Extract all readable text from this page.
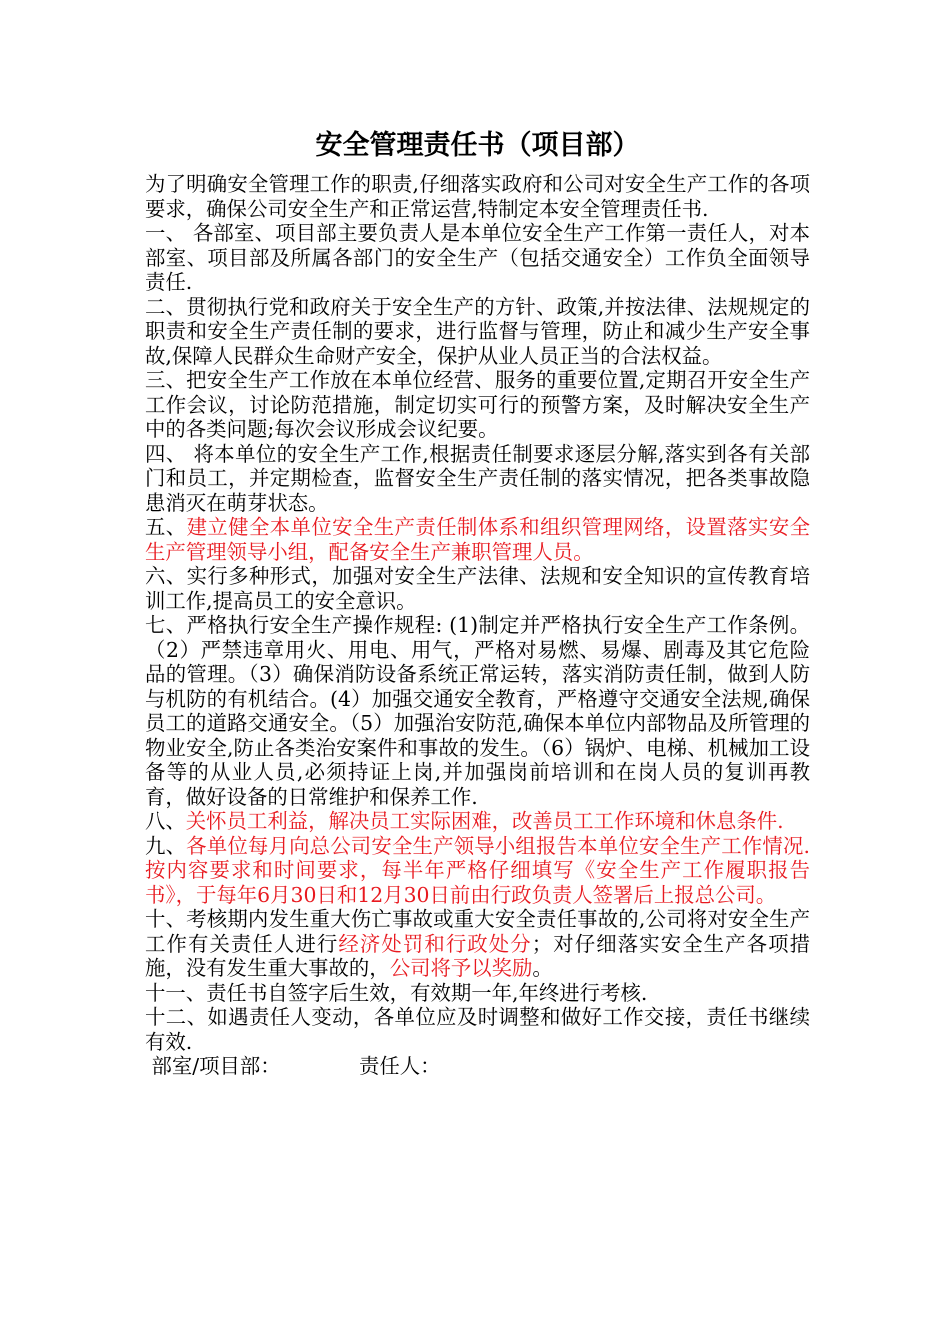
安全管理责任书（项目部）

为了明确安全管理工作的职责,仔细落实政府和公司对安全生产工作的各项要求，确保公司安全生产和正常运营,特制定本安全管理责任书.

一、 各部室、项目部主要负责人是本单位安全生产工作第一责任人，对本部室、项目部及所属各部门的安全生产（包括交通安全）工作负全面领导责任.

二、贯彻执行党和政府关于安全生产的方针、政策,并按法律、法规规定的职责和安全生产责任制的要求，进行监督与管理，防止和减少生产安全事故,保障人民群众生命财产安全，保护从业人员正当的合法权益。

三、把安全生产工作放在本单位经营、服务的重要位置,定期召开安全生产工作会议，讨论防范措施，制定切实可行的预警方案，及时解决安全生产中的各类问题;每次会议形成会议纪要。

四、 将本单位的安全生产工作,根据责任制要求逐层分解,落实到各有关部门和员工，并定期检查，监督安全生产责任制的落实情况，把各类事故隐患消灭在萌芽状态。

五、建立健全本单位安全生产责任制体系和组织管理网络，设置落实安全生产管理领导小组，配备安全生产兼职管理人员。

六、实行多种形式，加强对安全生产法律、法规和安全知识的宣传教育培训工作,提高员工的安全意识。

七、严格执行安全生产操作规程: (1)制定并严格执行安全生产工作条例。 （2）严禁违章用火、用电、用气，严格对易燃、易爆、剧毒及其它危险品的管理。（3）确保消防设备系统正常运转，落实消防责任制，做到人防与机防的有机结合。(4）加强交通安全教育，严格遵守交通安全法规,确保员工的道路交通安全。（5）加强治安防范,确保本单位内部物品及所管理的物业安全,防止各类治安案件和事故的发生。（6）锅炉、电梯、机械加工设备等的从业人员,必须持证上岗,并加强岗前培训和在岗人员的复训再教育，做好设备的日常维护和保养工作.

八、关怀员工利益，解决员工实际困难，改善员工工作环境和休息条件.

九、各单位每月向总公司安全生产领导小组报告本单位安全生产工作情况.按内容要求和时间要求，每半年严格仔细填写《安全生产工作履职报告书》，于每年6月30日和12月30日前由行政负责人签署后上报总公司。

十、考核期内发生重大伤亡事故或重大安全责任事故的,公司将对安全生产工作有关责任人进行经济处罚和行政处分；对仔细落实安全生产各项措施，没有发生重大事故的，公司将予以奖励。

十一、责任书自签字后生效，有效期一年,年终进行考核.

十二、如遇责任人变动，各单位应及时调整和做好工作交接，责任书继续有效.

部室/项目部：	责任人：
